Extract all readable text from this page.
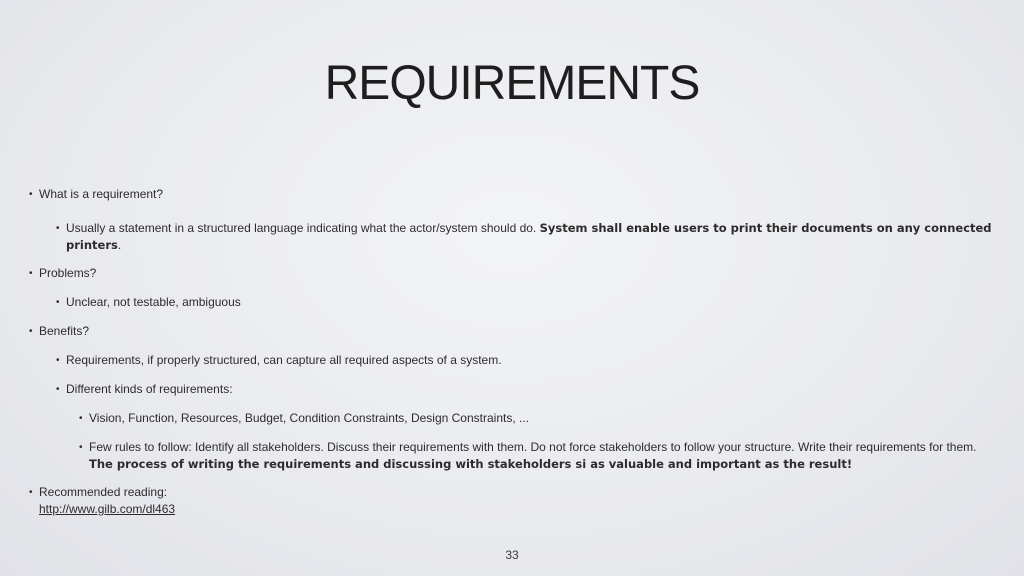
REQUIREMENTS
• What is a requirement?
• Usually a statement in a structured language indicating what the actor/system should do. System shall enable users to print their documents on any connected printers.
• Problems?
• Unclear, not testable, ambiguous
• Benefits?
• Requirements, if properly structured, can capture all required aspects of a system.
• Different kinds of requirements:
• Vision, Function, Resources, Budget, Condition Constraints, Design Constraints, ...
• Few rules to follow: Identify all stakeholders. Discuss their requirements with them. Do not force stakeholders to follow your structure. Write their requirements for them. The process of writing the requirements and discussing with stakeholders si as valuable and important as the result!
• Recommended reading:
http://www.gilb.com/dl463
33
